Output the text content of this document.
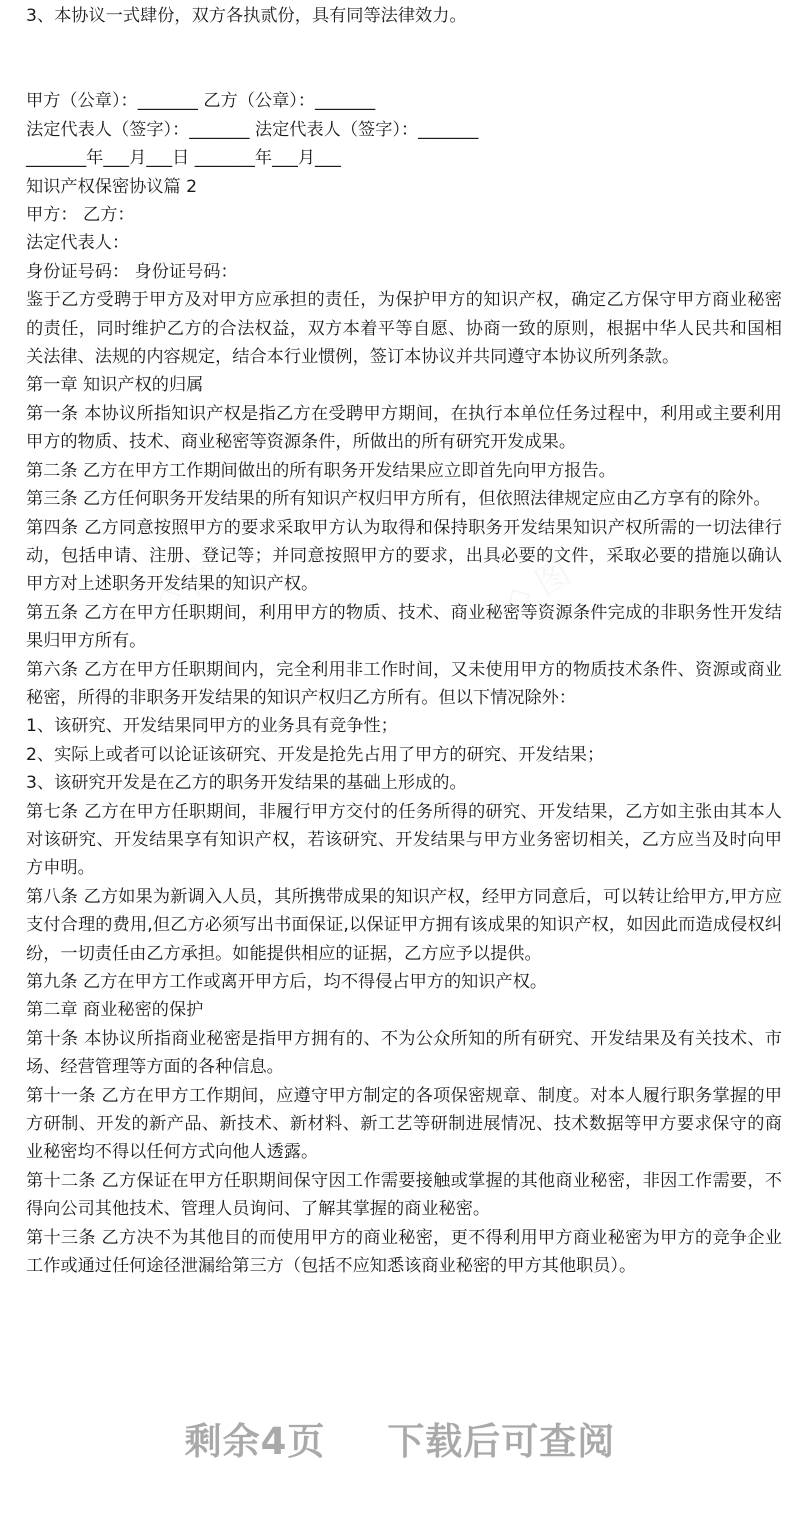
◇ 图	◇ 图

3、本协议一式肆份，双方各执贰份，具有同等法律效力。

甲方（公章）：_______ 乙方（公章）：_______

法定代表人（签字）：_______ 法定代表人（签字）：_______

_______年___月___日 _______年___月___

知识产权保密协议篇 2

甲方： 乙方：

法定代表人：

身份证号码： 身份证号码：

鉴于乙方受聘于甲方及对甲方应承担的责任，为保护甲方的知识产权，确定乙方保守甲方商业秘密的责任，同时维护乙方的合法权益，双方本着平等自愿、协商一致的原则，根据中华人民共和国相关法律、法规的内容规定，结合本行业惯例，签订本协议并共同遵守本协议所列条款。

第一章 知识产权的归属

第一条 本协议所指知识产权是指乙方在受聘甲方期间，在执行本单位任务过程中，利用或主要利用甲方的物质、技术、商业秘密等资源条件，所做出的所有研究开发成果。

第二条 乙方在甲方工作期间做出的所有职务开发结果应立即首先向甲方报告。

第三条 乙方任何职务开发结果的所有知识产权归甲方所有，但依照法律规定应由乙方享有的除外。

第四条 乙方同意按照甲方的要求采取甲方认为取得和保持职务开发结果知识产权所需的一切法律行动，包括申请、注册、登记等；并同意按照甲方的要求，出具必要的文件，采取必要的措施以确认甲方对上述职务开发结果的知识产权。

第五条 乙方在甲方任职期间，利用甲方的物质、技术、商业秘密等资源条件完成的非职务性开发结果归甲方所有。

第六条 乙方在甲方任职期间内，完全利用非工作时间，又未使用甲方的物质技术条件、资源或商业秘密，所得的非职务开发结果的知识产权归乙方所有。但以下情况除外：

1、该研究、开发结果同甲方的业务具有竞争性；

2、实际上或者可以论证该研究、开发是抢先占用了甲方的研究、开发结果；

3、该研究开发是在乙方的职务开发结果的基础上形成的。

第七条 乙方在甲方任职期间，非履行甲方交付的任务所得的研究、开发结果，乙方如主张由其本人对该研究、开发结果享有知识产权，若该研究、开发结果与甲方业务密切相关，乙方应当及时向甲方申明。

第八条 乙方如果为新调入人员，其所携带成果的知识产权，经甲方同意后，可以转让给甲方,甲方应支付合理的费用,但乙方必须写出书面保证,以保证甲方拥有该成果的知识产权，如因此而造成侵权纠纷，一切责任由乙方承担。如能提供相应的证据，乙方应予以提供。

第九条 乙方在甲方工作或离开甲方后，均不得侵占甲方的知识产权。

第二章 商业秘密的保护

第十条 本协议所指商业秘密是指甲方拥有的、不为公众所知的所有研究、开发结果及有关技术、市场、经营管理等方面的各种信息。

第十一条 乙方在甲方工作期间，应遵守甲方制定的各项保密规章、制度。对本人履行职务掌握的甲方研制、开发的新产品、新技术、新材料、新工艺等研制进展情况、技术数据等甲方要求保守的商业秘密均不得以任何方式向他人透露。

第十二条 乙方保证在甲方任职期间保守因工作需要接触或掌握的其他商业秘密，非因工作需要，不得向公司其他技术、管理人员询问、了解其掌握的商业秘密。

第十三条 乙方决不为其他目的而使用甲方的商业秘密，更不得利用甲方商业秘密为甲方的竞争企业工作或通过任何途径泄漏给第三方（包括不应知悉该商业秘密的甲方其他职员）。

剩余4页 下载后可查阅
